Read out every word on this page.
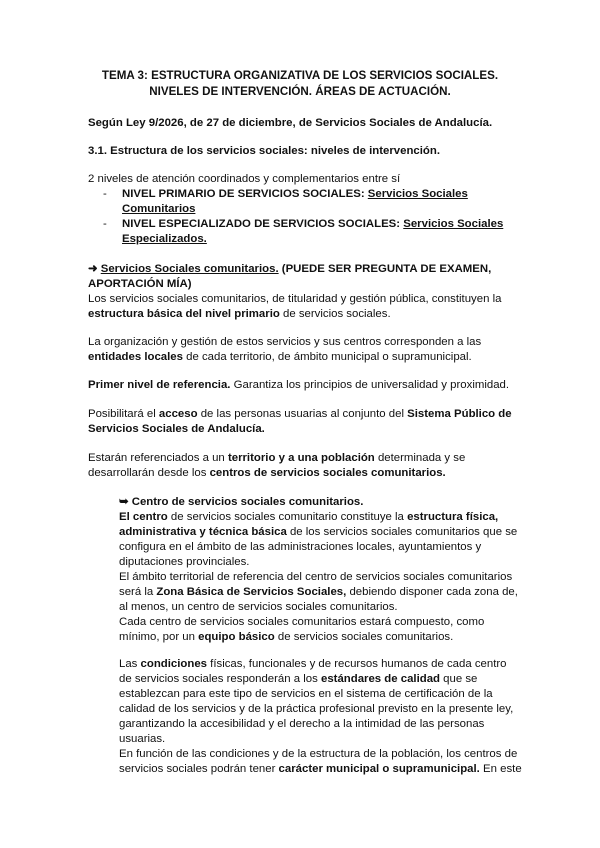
TEMA 3: ESTRUCTURA ORGANIZATIVA DE LOS SERVICIOS SOCIALES.

NIVELES DE INTERVENCIÓN. ÁREAS DE ACTUACIÓN.

Según Ley 9/2026, de 27 de diciembre, de Servicios Sociales de Andalucía.
3.1. Estructura de los servicios sociales: niveles de intervención.
2 niveles de atención coordinados y complementarios entre sí
-	NIVEL PRIMARIO DE SERVICIOS SOCIALES: Servicios Sociales

Comunitarios

-	NIVEL ESPECIALIZADO DE SERVICIOS SOCIALES: Servicios Sociales

Especializados.

➜ Servicios Sociales comunitarios. (PUEDE SER PREGUNTA DE EXAMEN,

APORTACIÓN MÍA)

Los servicios sociales comunitarios, de titularidad y gestión pública, constituyen la

estructura básica del nivel primario de servicios sociales.

La organización y gestión de estos servicios y sus centros corresponden a las

entidades locales de cada territorio, de ámbito municipal o supramunicipal.

Primer nivel de referencia. Garantiza los principios de universalidad y proximidad.

Posibilitará el acceso de las personas usuarias al conjunto del Sistema Público de

Servicios Sociales de Andalucía.

Estarán referenciados a un territorio y a una población determinada y se

desarrollarán desde los centros de servicios sociales comunitarios.

➥ Centro de servicios sociales comunitarios.

El centro de servicios sociales comunitario constituye la estructura física,

administrativa y técnica básica de los servicios sociales comunitarios que se

configura en el ámbito de las administraciones locales, ayuntamientos y

diputaciones provinciales.

El ámbito territorial de referencia del centro de servicios sociales comunitarios

será la Zona Básica de Servicios Sociales, debiendo disponer cada zona de,

al menos, un centro de servicios sociales comunitarios.

Cada centro de servicios sociales comunitarios estará compuesto, como

mínimo, por un equipo básico de servicios sociales comunitarios.

Las condiciones físicas, funcionales y de recursos humanos de cada centro

de servicios sociales responderán a los estándares de calidad que se

establezcan para este tipo de servicios en el sistema de certificación de la

calidad de los servicios y de la práctica profesional previsto en la presente ley,

garantizando la accesibilidad y el derecho a la intimidad de las personas

usuarias.

En función de las condiciones y de la estructura de la población, los centros de

servicios sociales podrán tener carácter municipal o supramunicipal. En este
